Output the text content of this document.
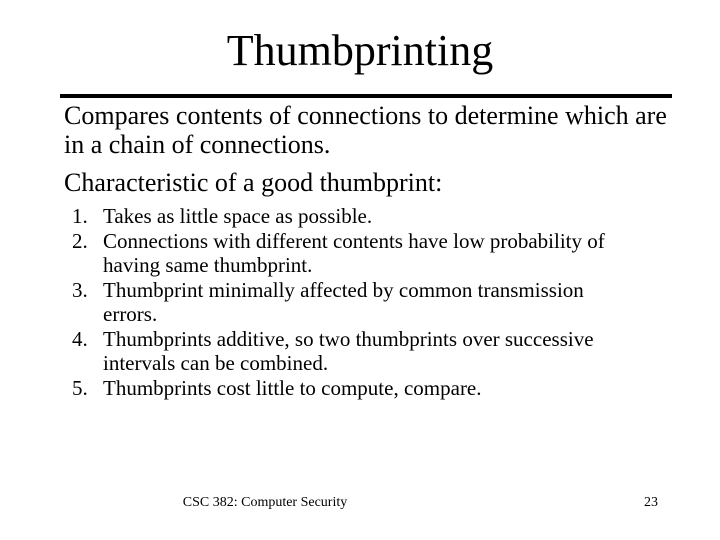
Thumbprinting

Compares contents of connections to determine which are in a chain of connections.

Characteristic of a good thumbprint:

1. Takes as little space as possible.
2. Connections with different contents have low probability of having same thumbprint.
3. Thumbprint minimally affected by common transmission errors.
4. Thumbprints additive, so two thumbprints over successive intervals can be combined.
5. Thumbprints cost little to compute, compare.
CSC 382: Computer Security	23
